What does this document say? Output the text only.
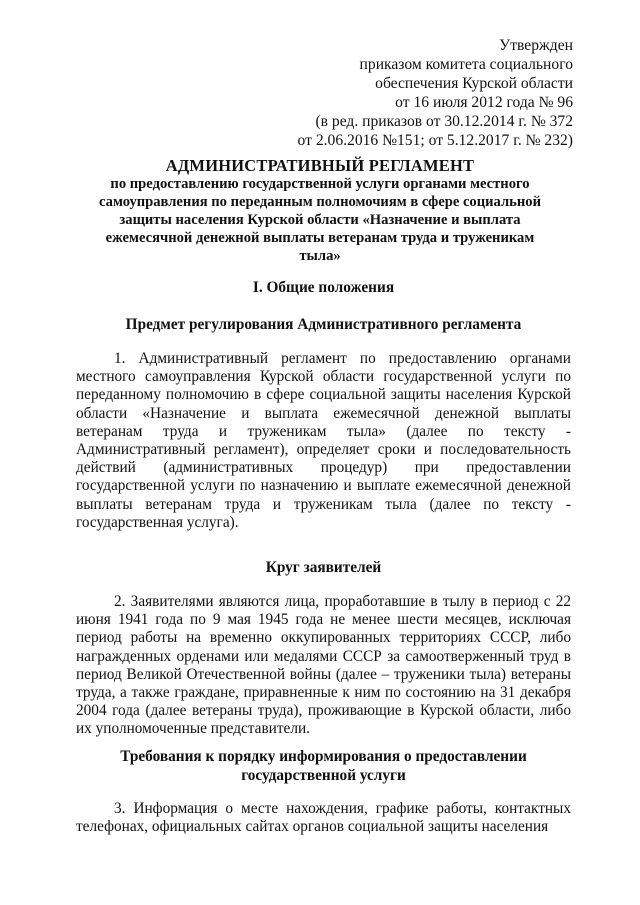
Утвержден
приказом комитета социального
обеспечения Курской области
от 16 июля 2012 года № 96
(в ред. приказов от 30.12.2014 г. № 372
от 2.06.2016 №151; от 5.12.2017 г. № 232)
АДМИНИСТРАТИВНЫЙ РЕГЛАМЕНТ
по предоставлению государственной услуги органами местного самоуправления по переданным полномочиям в сфере социальной защиты населения Курской области «Назначение и выплата ежемесячной денежной выплаты ветеранам труда и труженикам тыла»
I. Общие положения
Предмет регулирования Административного регламента
1. Административный регламент по предоставлению органами местного самоуправления Курской области государственной услуги по переданному полномочию в сфере социальной защиты населения Курской области «Назначение и выплата ежемесячной денежной выплаты ветеранам труда и труженикам тыла» (далее по тексту - Административный регламент), определяет сроки и последовательность действий (административных процедур) при предоставлении государственной услуги по назначению и выплате ежемесячной денежной выплаты ветеранам труда и труженикам тыла (далее по тексту - государственная услуга).
Круг заявителей
2. Заявителями являются лица, проработавшие в тылу в период с 22 июня 1941 года по 9 мая 1945 года не менее шести месяцев, исключая период работы на временно оккупированных территориях СССР, либо награжденных орденами или медалями СССР за самоотверженный труд в период Великой Отечественной войны (далее – труженики тыла) ветераны труда, а также граждане, приравненные к ним по состоянию на 31 декабря 2004 года (далее ветераны труда), проживающие в Курской области, либо их уполномоченные представители.
Требования к порядку информирования о предоставлении
государственной услуги
3. Информация о месте нахождения, графике работы, контактных телефонах, официальных сайтах органов социальной защиты населения
